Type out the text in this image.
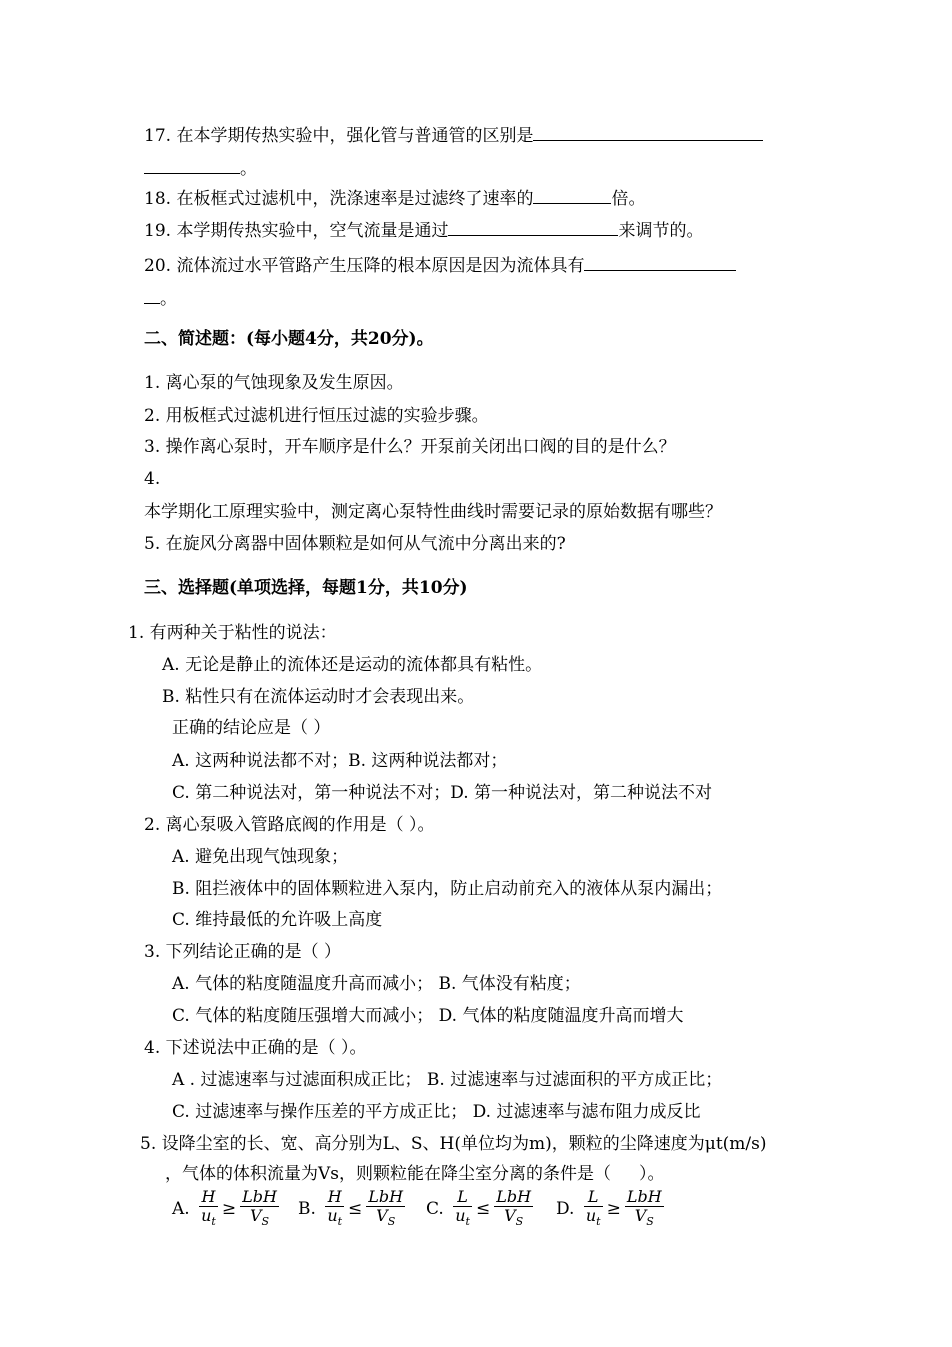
17. 在本学期传热实验中，强化管与普通管的区别是
。
18. 在板框式过滤机中，洗涤速率是过滤终了速率的	倍。
19. 本学期传热实验中，空气流量是通过	来调节的。
20. 流体流过水平管路产生压降的根本原因是因为流体具有
。
二、简述题：(每小题4分，共20分)。
1. 离心泵的气蚀现象及发生原因。
2. 用板框式过滤机进行恒压过滤的实验步骤。
3. 操作离心泵时，开车顺序是什么？开泵前关闭出口阀的目的是什么？
4.
本学期化工原理实验中，测定离心泵特性曲线时需要记录的原始数据有哪些？
5. 在旋风分离器中固体颗粒是如何从气流中分离出来的?
三、选择题(单项选择，每题1分，共10分)
1. 有两种关于粘性的说法：
A. 无论是静止的流体还是运动的流体都具有粘性。
B. 粘性只有在流体运动时才会表现出来。
正确的结论应是（ ）
A. 这两种说法都不对；B. 这两种说法都对；
C. 第二种说法对，第一种说法不对；D. 第一种说法对，第二种说法不对
2. 离心泵吸入管路底阀的作用是（ ）。
A. 避免出现气蚀现象；
B. 阻拦液体中的固体颗粒进入泵内，防止启动前充入的液体从泵内漏出；
C. 维持最低的允许吸上高度
3. 下列结论正确的是（ ）
A. 气体的粘度随温度升高而减小； B. 气体没有粘度；
C. 气体的粘度随压强增大而减小； D. 气体的粘度随温度升高而增大
4. 下述说法中正确的是（ ）。
A . 过滤速率与过滤面积成正比； B. 过滤速率与过滤面积的平方成正比；
C. 过滤速率与操作压差的平方成正比； D. 过滤速率与滤布阻力成反比
5. 设降尘室的长、宽、高分别为L、S、H(单位均为m)，颗粒的尘降速度为μt(m/s)
，气体的体积流量为Vs，则颗粒能在降尘室分离的条件是（ ）。
A. $\frac{H}{u_t} \ge \frac{\text{LbH}}{V_S} B$. $\frac{H}{u_t} \le \frac{\text{LbH}}{V_S} C$. $\frac{L}{u_t} \le \frac{\text{LbH}}{V_S} D$. $\frac{L}{u_t} \ge \frac{\text{LbH}}{V_S}$
